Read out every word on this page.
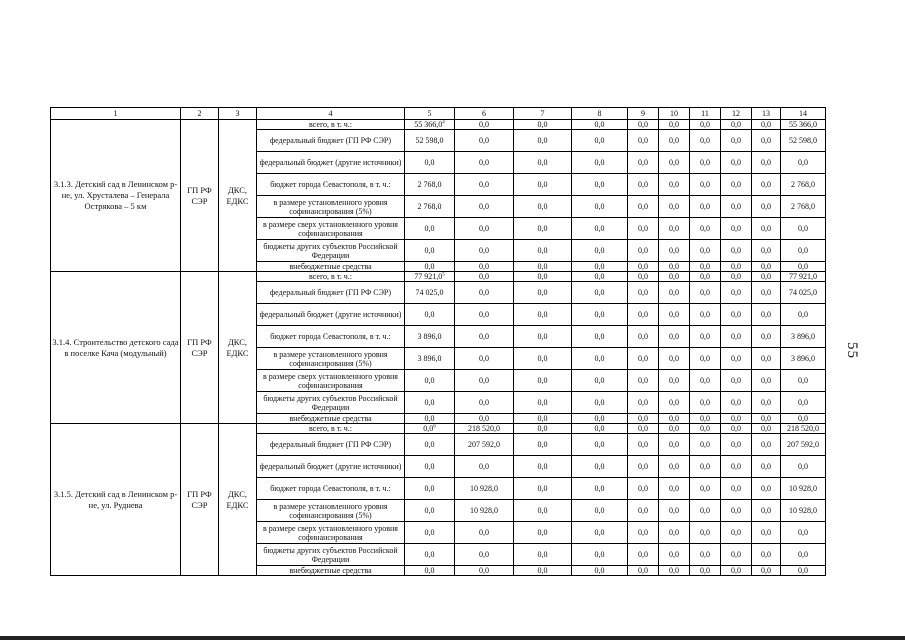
1	2	3	4	5	6	7	8	9	10	11	12	13	14
3.1.3. Детский сад в Ленинском р-не, ул. Хрусталева – Генерала Острякова – 5 км	ГП РФ СЭР	ДКС, ЕДКС	всего, в т. ч.:	55 366,0$^4$	0,0	0,0	0,0	0,0	0,0	0,0	0,0	0,0	55 366,0
			федеральный бюджет (ГП РФ СЭР)	52 598,0	0,0	0,0	0,0	0,0	0,0	0,0	0,0	0,0	52 598,0
			федеральный бюджет (другие источники)	0,0	0,0	0,0	0,0	0,0	0,0	0,0	0,0	0,0	0,0
			бюджет города Севастополя, в т. ч.:	2 768,0	0,0	0,0	0,0	0,0	0,0	0,0	0,0	0,0	2 768,0
			в размере установленного уровня софинансирования (5%)	2 768,0	0,0	0,0	0,0	0,0	0,0	0,0	0,0	0,0	2 768,0
			в размере сверх установленного уровня софинансирования	0,0	0,0	0,0	0,0	0,0	0,0	0,0	0,0	0,0	0,0
			бюджеты других субъектов Российской Федерации	0,0	0,0	0,0	0,0	0,0	0,0	0,0	0,0	0,0	0,0
			внебюджетные средства	0,0	0,0	0,0	0,0	0,0	0,0	0,0	0,0	0,0	0,0
3.1.4. Строительство детского сада в поселке Кача (модульный)	ГП РФ СЭР	ДКС, ЕДКС	всего, в т. ч.:	77 921,0$^5$	0,0	0,0	0,0	0,0	0,0	0,0	0,0	0,0	77 921,0
			федеральный бюджет (ГП РФ СЭР)	74 025,0	0,0	0,0	0,0	0,0	0,0	0,0	0,0	0,0	74 025,0
			федеральный бюджет (другие источники)	0,0	0,0	0,0	0,0	0,0	0,0	0,0	0,0	0,0	0,0
			бюджет города Севастополя, в т. ч.:	3 896,0	0,0	0,0	0,0	0,0	0,0	0,0	0,0	0,0	3 896,0
			в размере установленного уровня софинансирования (5%)	3 896,0	0,0	0,0	0,0	0,0	0,0	0,0	0,0	0,0	3 896,0
			в размере сверх установленного уровня софинансирования	0,0	0,0	0,0	0,0	0,0	0,0	0,0	0,0	0,0	0,0
			бюджеты других субъектов Российской Федерации	0,0	0,0	0,0	0,0	0,0	0,0	0,0	0,0	0,0	0,0
			внебюджетные средства	0,0	0,0	0,0	0,0	0,0	0,0	0,0	0,0	0,0	0,0
3.1.5. Детский сад в Ленинском р-не, ул. Руднева	ГП РФ СЭР	ДКС, ЕДКС	всего, в т. ч.:	$0,0^6$	218 520,0	0,0	0,0	0,0	0,0	0,0	0,0	0,0	218 520,0
			федеральный бюджет (ГП РФ СЭР)	0,0	207 592,0	0,0	0,0	0,0	0,0	0,0	0,0	0,0	207 592,0
			федеральный бюджет (другие источники)	0,0	0,0	0,0	0,0	0,0	0,0	0,0	0,0	0,0	0,0
			бюджет города Севастополя, в т. ч.:	0,0	10 928,0	0,0	0,0	0,0	0,0	0,0	0,0	0,0	10 928,0
			в размере установленного уровня софинансирования (5%)	0,0	10 928,0	0,0	0,0	0,0	0,0	0,0	0,0	0,0	10 928,0
			в размере сверх установленного уровня софинансирования	0,0	0,0	0,0	0,0	0,0	0,0	0,0	0,0	0,0	0,0
			бюджеты других субъектов Российской Федерации	0,0	0,0	0,0	0,0	0,0	0,0	0,0	0,0	0,0	0,0
			внебюджетные средства	0,0	0,0	0,0	0,0	0,0	0,0	0,0	0,0	0,0	0,0
55
